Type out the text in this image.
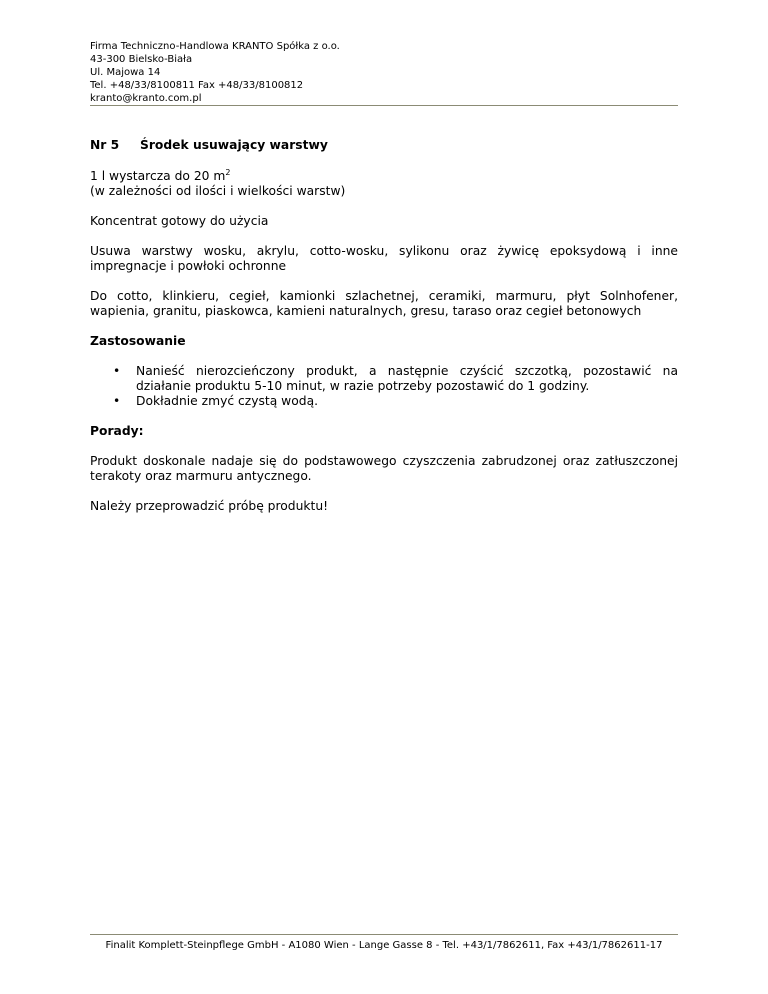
Firma Techniczno-Handlowa KRANTO Spółka z o.o.
43-300 Bielsko-Biała
Ul. Majowa 14
Tel. +48/33/8100811 Fax +48/33/8100812
kranto@kranto.com.pl
Nr 5 Środek usuwający warstwy

1 l wystarcza do 20 $m^2$
(w zależności od ilości i wielkości warstw)

Koncentrat gotowy do użycia

Usuwa warstwy wosku, akrylu, cotto-wosku, sylikonu oraz żywicę epoksydową i inne impregnacje i powłoki ochronne

Do cotto, klinkieru, cegieł, kamionki szlachetnej, ceramiki, marmuru, płyt Solnhofener, wapienia, granitu, piaskowca, kamieni naturalnych, gresu, taraso oraz cegieł betonowych

Zastosowanie
• Nanieść nierozcieńczony produkt, a następnie czyścić szczotką, pozostawić na działanie produktu 5-10 minut, w razie potrzeby pozostawić do 1 godziny.
• Dokładnie zmyć czystą wodą.
Porady:

Produkt doskonale nadaje się do podstawowego czyszczenia zabrudzonej oraz zatłuszczonej terakoty oraz marmuru antycznego.

Należy przeprowadzić próbę produktu!

Finalit Komplett-Steinpflege GmbH - A1080 Wien - Lange Gasse 8 - Tel. +43/1/7862611, Fax +43/1/7862611-17
